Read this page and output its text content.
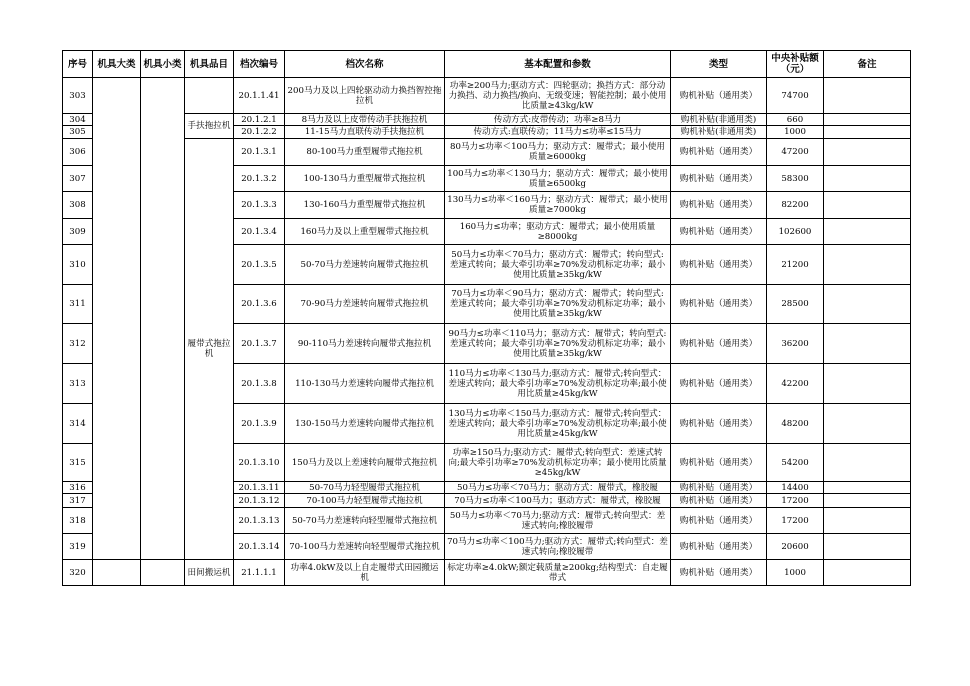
序号	机具大类	机具小类	机具品目	档次编号	档次名称	基本配置和参数	类型	中央补贴额（元）	备注
303				20.1.1.41	200马力及以上四轮驱动动力换挡智控拖拉机	功率≥200马力;驱动方式：四轮驱动；换挡方式：部分动力换挡、动力换挡/换向、无级变速；智能控制；最小使用比质量≥43kg/kW	购机补贴（通用类）	74700	
304			手扶拖拉机	20.1.2.1	8马力及以上皮带传动手扶拖拉机	传动方式:皮带传动；功率≥8马力	购机补贴(非通用类)	660	
305				20.1.2.2	11-15马力直联传动手扶拖拉机	传动方式:直联传动；11马力≤功率≤15马力	购机补贴(非通用类)	1000	
306			履带式拖拉机	20.1.3.1	80-100马力重型履带式拖拉机	80马力≤功率＜100马力；驱动方式：履带式；最小使用质量≥6000kg	购机补贴（通用类）	47200	
307				20.1.3.2	100-130马力重型履带式拖拉机	100马力≤功率＜130马力；驱动方式：履带式；最小使用质量≥6500kg	购机补贴（通用类）	58300	
308				20.1.3.3	130-160马力重型履带式拖拉机	130马力≤功率＜160马力；驱动方式：履带式；最小使用质量≥7000kg	购机补贴（通用类）	82200	
309				20.1.3.4	160马力及以上重型履带式拖拉机	160马力≤功率；驱动方式：履带式；最小使用质量≥8000kg	购机补贴（通用类）	102600	
310				20.1.3.5	50-70马力差速转向履带式拖拉机	50马力≤功率＜70马力；驱动方式：履带式；转向型式:差速式转向；最大牵引功率≥70%发动机标定功率；最小使用比质量≥35kg/kW	购机补贴（通用类）	21200	
311				20.1.3.6	70-90马力差速转向履带式拖拉机	70马力≤功率＜90马力；驱动方式：履带式；转向型式:差速式转向；最大牵引功率≥70%发动机标定功率；最小使用比质量≥35kg/kW	购机补贴（通用类）	28500	
312				20.1.3.7	90-110马力差速转向履带式拖拉机	90马力≤功率＜110马力；驱动方式：履带式；转向型式:差速式转向；最大牵引功率≥70%发动机标定功率；最小使用比质量≥35kg/kW	购机补贴（通用类）	36200	
313				20.1.3.8	110-130马力差速转向履带式拖拉机	110马力≤功率＜130马力;驱动方式：履带式;转向型式：差速式转向；最大牵引功率≥70%发动机标定功率;最小使用比质量≥45kg/kW	购机补贴（通用类）	42200	
314				20.1.3.9	130-150马力差速转向履带式拖拉机	130马力≤功率＜150马力;驱动方式：履带式;转向型式：差速式转向；最大牵引功率≥70%发动机标定功率;最小使用比质量≥45kg/kW	购机补贴（通用类）	48200	
315				20.1.3.10	150马力及以上差速转向履带式拖拉机	功率≥150马力;驱动方式：履带式;转向型式：差速式转向;最大牵引功率≥70%发动机标定功率；最小使用比质量≥45kg/kW	购机补贴（通用类）	54200	
316				20.1.3.11	50-70马力轻型履带式拖拉机	50马力≤功率＜70马力；驱动方式：履带式，橡胶履	购机补贴（通用类）	14400	
317				20.1.3.12	70-100马力轻型履带式拖拉机	70马力≤功率＜100马力；驱动方式：履带式，橡胶履	购机补贴（通用类）	17200	
318				20.1.3.13	50-70马力差速转向轻型履带式拖拉机	50马力≤功率＜70马力;驱动方式：履带式;转向型式：差速式转向;橡胶履带	购机补贴（通用类）	17200	
319				20.1.3.14	70-100马力差速转向轻型履带式拖拉机	70马力≤功率＜100马力;驱动方式：履带式;转向型式：差速式转向;橡胶履带	购机补贴（通用类）	20600	
320			田间搬运机	21.1.1.1	功率4.0kW及以上自走履带式田园搬运机	标定功率≥4.0kW;额定载质量≥200kg;结构型式：自走履带式	购机补贴（通用类）	1000	
